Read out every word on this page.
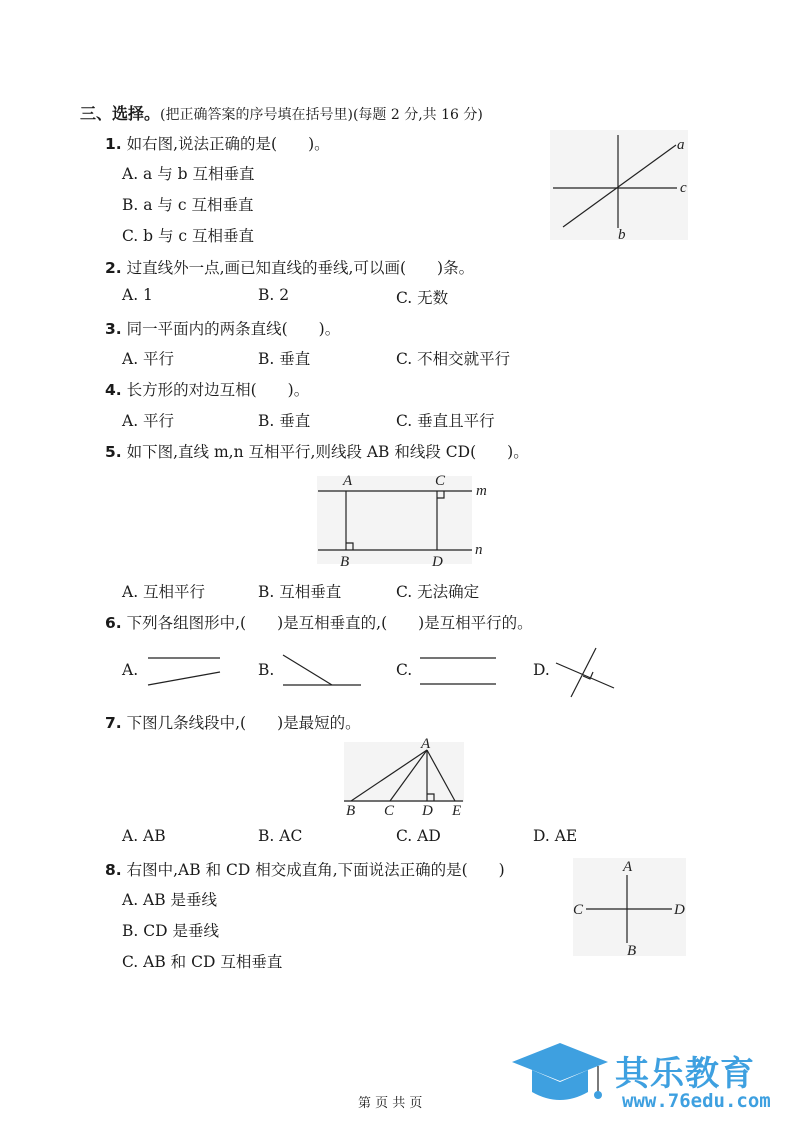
三、选择。(把正确答案的序号填在括号里)(每题 2 分,共 16 分)
1. 如右图,说法正确的是(　　)。
A. a 与 b 互相垂直
B. a 与 c 互相垂直
C. b 与 c 互相垂直
a
c
b
2. 过直线外一点,画已知直线的垂线,可以画(　　)条。
A. 1	B. 2	C. 无数
3. 同一平面内的两条直线(　　)。
A. 平行	B. 垂直	C. 不相交就平行
4. 长方形的对边互相(　　)。
A. 平行	B. 垂直	C. 垂直且平行
5. 如下图,直线 m,n 互相平行,则线段 AB 和线段 CD(　　)。
A	C
m
B	D
n
A. 互相平行	B. 互相垂直	C. 无法确定
6. 下列各组图形中,(　　)是互相垂直的,(　　)是互相平行的。
A.	B.	C.	D.
7. 下图几条线段中,(　　)是最短的。
A
B C D E
A. AB	B. AC	C. AD	D. AE
8. 右图中,AB 和 CD 相交成直角,下面说法正确的是(　　)
A. AB 是垂线
B. CD 是垂线
C. AB 和 CD 互相垂直
A
C	D
B
第 页 共 页
其乐教育
www.76edu.com
